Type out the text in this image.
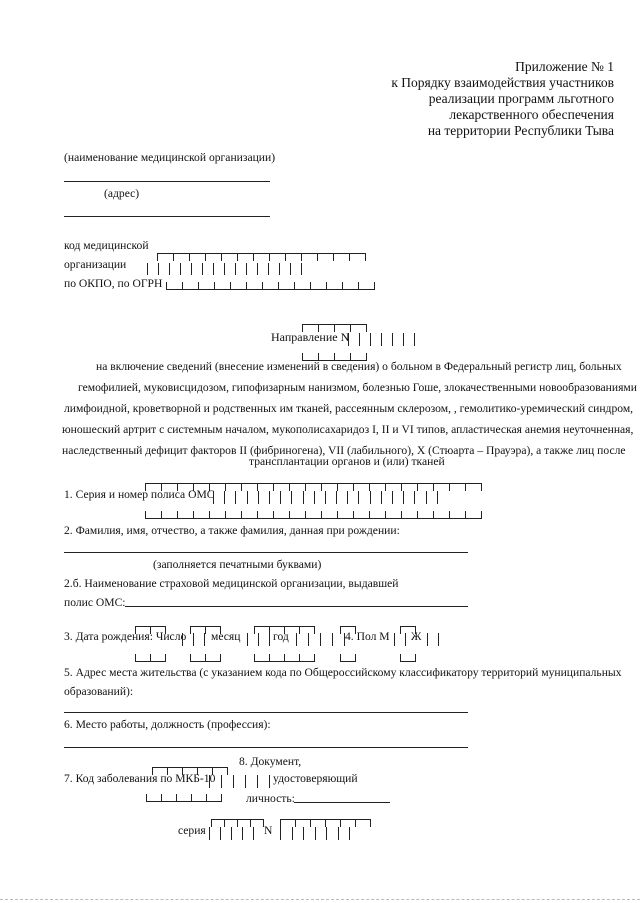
Приложение № 1
к Порядку взаимодействия участников
реализации программ льготного
лекарственного обеспечения
на территории Республики Тыва
(наименование медицинской организации)
(адрес)
код медицинской
организации
по ОКПО, по ОГРН
Направление N
на включение сведений (внесение изменений в сведения) о больном в Федеральный регистр лиц, больных
гемофилией, муковисцидозом, гипофизарным нанизмом, болезнью Гоше, злокачественными новообразованиями
лимфоидной, кроветворной и родственных им тканей, рассеянным склерозом, , гемолитико-уремический синдром,
юношеский артрит с системным началом, мукополисахаридоз I, II и VI типов, апластическая анемия неуточненная,
наследственный дефицит факторов II (фибриногена), VII (лабильного), X (Стюарта – Прауэра), а также лиц после
трансплантации органов и (или) тканей
1. Серия и номер полиса ОМС
2. Фамилия, имя, отчество, а также фамилия, данная при рождении:
(заполняется печатными буквами)
2.б. Наименование страховой медицинской организации, выдавшей
полис ОМС:
3. Дата рождения: Число месяц	год	4. Пол М Ж
5. Адрес места жительства (с указанием кода по Общероссийскому классификатору территорий муниципальных
образований):
6. Место работы, должность (профессия):
8. Документ,
7. Код заболевания по МКБ-10	удостоверяющий
личность:
серия	N
